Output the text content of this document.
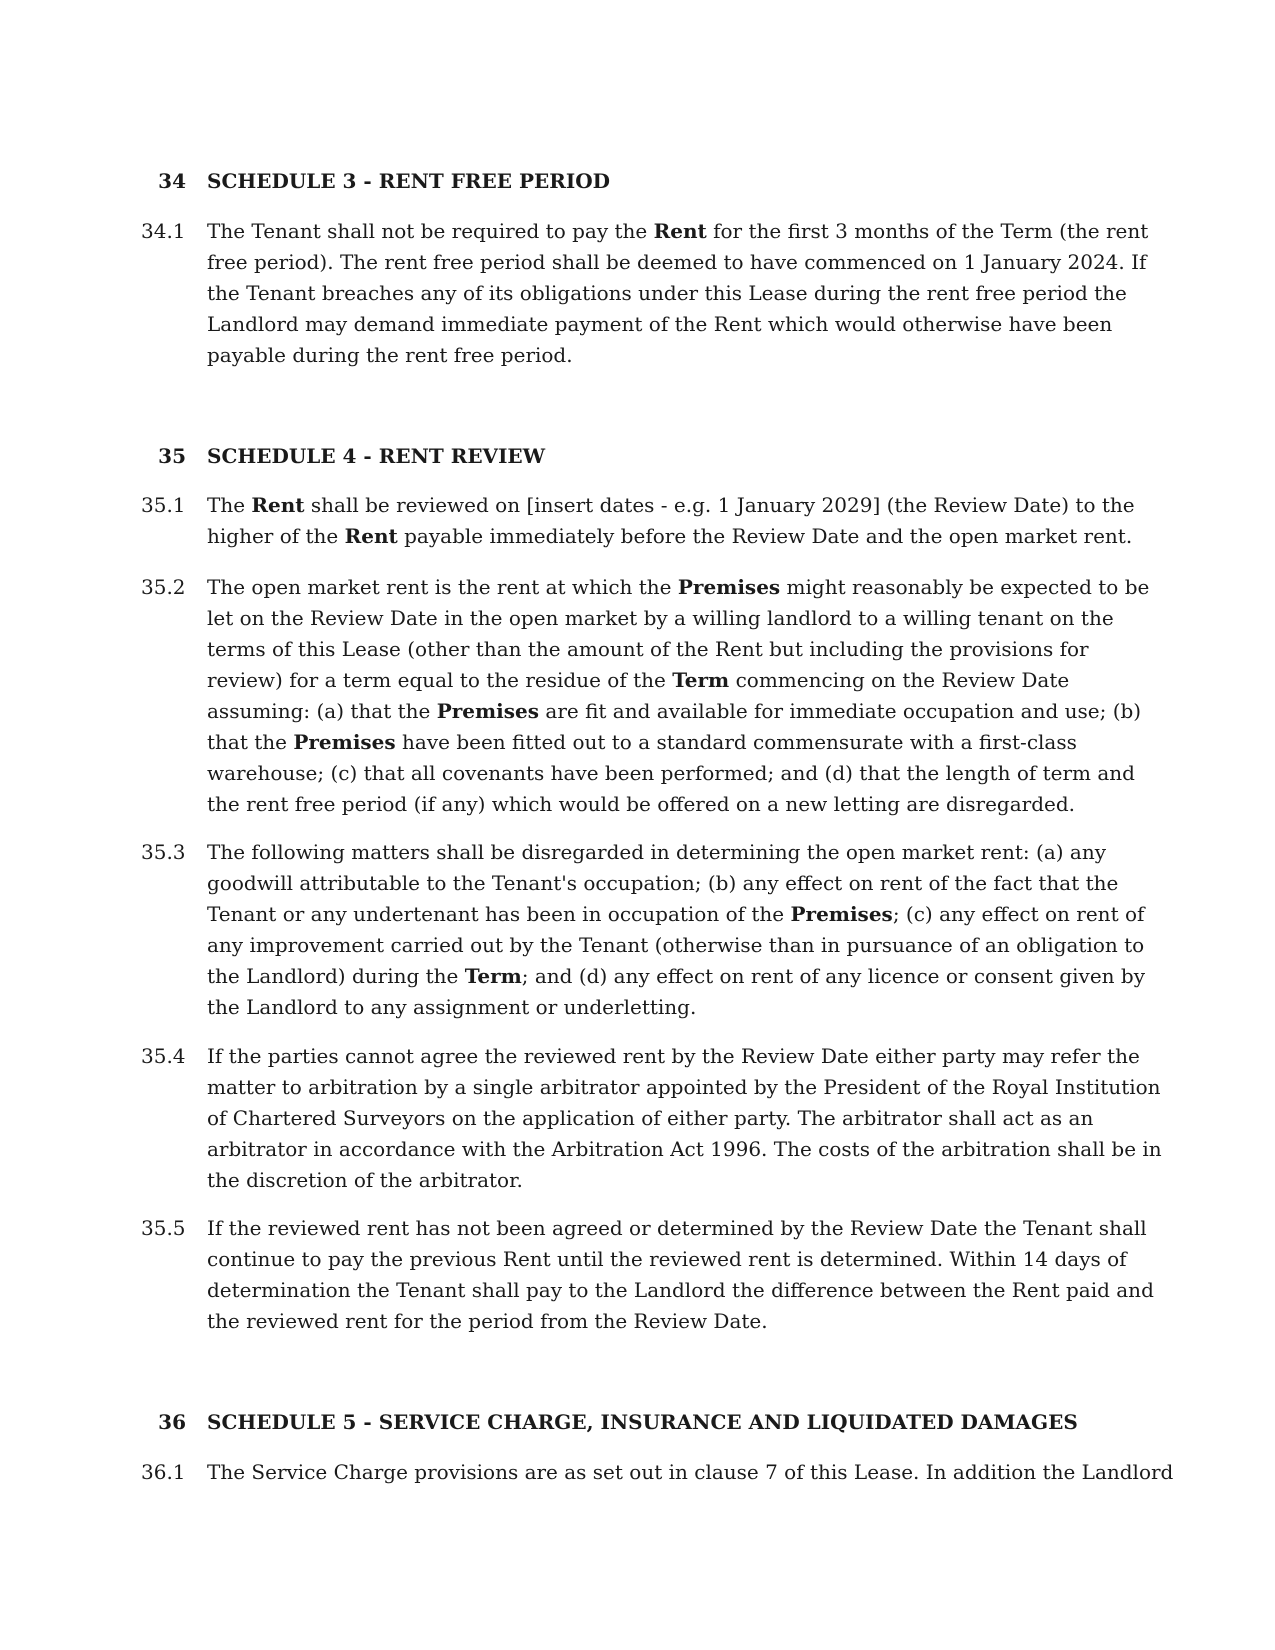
34 SCHEDULE 3 - RENT FREE PERIOD
34.1 The Tenant shall not be required to pay the Rent for the first 3 months of the Term (the rent
free period). The rent free period shall be deemed to have commenced on 1 January 2024. If
the Tenant breaches any of its obligations under this Lease during the rent free period the
Landlord may demand immediate payment of the Rent which would otherwise have been
payable during the rent free period.
35 SCHEDULE 4 - RENT REVIEW
35.1 The Rent shall be reviewed on [insert dates - e.g. 1 January 2029] (the Review Date) to the
higher of the Rent payable immediately before the Review Date and the open market rent.
35.2 The open market rent is the rent at which the Premises might reasonably be expected to be
let on the Review Date in the open market by a willing landlord to a willing tenant on the
terms of this Lease (other than the amount of the Rent but including the provisions for
review) for a term equal to the residue of the Term commencing on the Review Date
assuming: (a) that the Premises are fit and available for immediate occupation and use; (b)
that the Premises have been fitted out to a standard commensurate with a first-class
warehouse; (c) that all covenants have been performed; and (d) that the length of term and
the rent free period (if any) which would be offered on a new letting are disregarded.
35.3 The following matters shall be disregarded in determining the open market rent: (a) any
goodwill attributable to the Tenant's occupation; (b) any effect on rent of the fact that the
Tenant or any undertenant has been in occupation of the Premises; (c) any effect on rent of
any improvement carried out by the Tenant (otherwise than in pursuance of an obligation to
the Landlord) during the Term; and (d) any effect on rent of any licence or consent given by
the Landlord to any assignment or underletting.
35.4 If the parties cannot agree the reviewed rent by the Review Date either party may refer the
matter to arbitration by a single arbitrator appointed by the President of the Royal Institution
of Chartered Surveyors on the application of either party. The arbitrator shall act as an
arbitrator in accordance with the Arbitration Act 1996. The costs of the arbitration shall be in
the discretion of the arbitrator.
35.5 If the reviewed rent has not been agreed or determined by the Review Date the Tenant shall
continue to pay the previous Rent until the reviewed rent is determined. Within 14 days of
determination the Tenant shall pay to the Landlord the difference between the Rent paid and
the reviewed rent for the period from the Review Date.
36 SCHEDULE 5 - SERVICE CHARGE, INSURANCE AND LIQUIDATED DAMAGES
36.1 The Service Charge provisions are as set out in clause 7 of this Lease. In addition the Landlord
